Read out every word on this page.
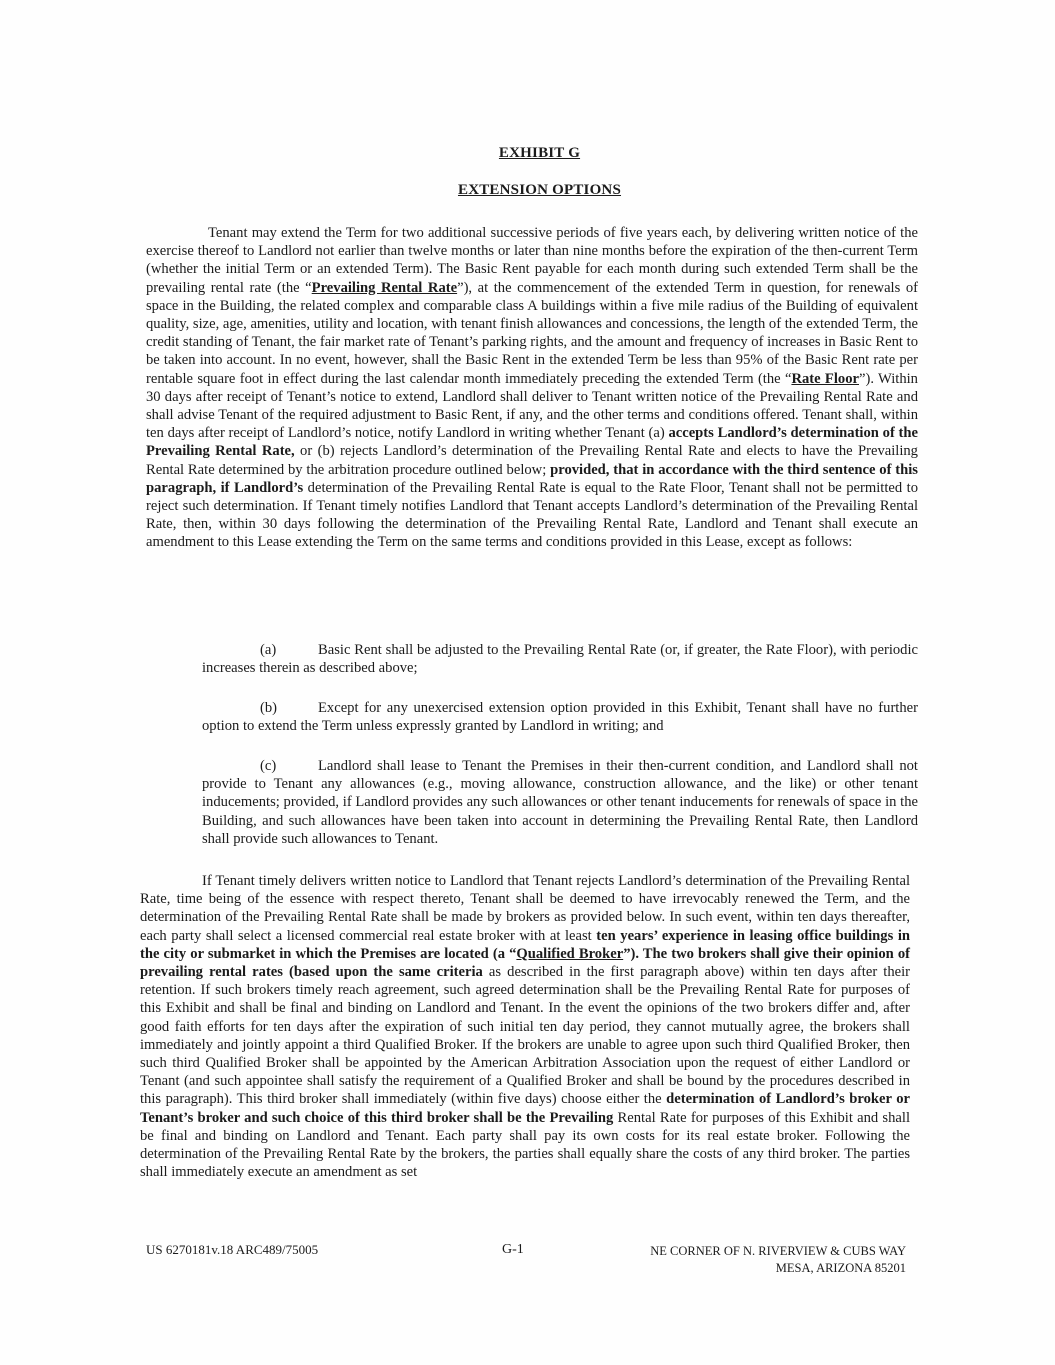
EXHIBIT G
EXTENSION OPTIONS
Tenant may extend the Term for two additional successive periods of five years each, by delivering written notice of the exercise thereof to Landlord not earlier than twelve months or later than nine months before the expiration of the then-current Term (whether the initial Term or an extended Term). The Basic Rent payable for each month during such extended Term shall be the prevailing rental rate (the “Prevailing Rental Rate”), at the commencement of the extended Term in question, for renewals of space in the Building, the related complex and comparable class A buildings within a five mile radius of the Building of equivalent quality, size, age, amenities, utility and location, with tenant finish allowances and concessions, the length of the extended Term, the credit standing of Tenant, the fair market rate of Tenant’s parking rights, and the amount and frequency of increases in Basic Rent to be taken into account. In no event, however, shall the Basic Rent in the extended Term be less than 95% of the Basic Rent rate per rentable square foot in effect during the last calendar month immediately preceding the extended Term (the “Rate Floor”). Within 30 days after receipt of Tenant’s notice to extend, Landlord shall deliver to Tenant written notice of the Prevailing Rental Rate and shall advise Tenant of the required adjustment to Basic Rent, if any, and the other terms and conditions offered. Tenant shall, within ten days after receipt of Landlord’s notice, notify Landlord in writing whether Tenant (a) accepts Landlord’s determination of the Prevailing Rental Rate, or (b) rejects Landlord’s determination of the Prevailing Rental Rate and elects to have the Prevailing Rental Rate determined by the arbitration procedure outlined below; provided, that in accordance with the third sentence of this paragraph, if Landlord’s determination of the Prevailing Rental Rate is equal to the Rate Floor, Tenant shall not be permitted to reject such determination. If Tenant timely notifies Landlord that Tenant accepts Landlord’s determination of the Prevailing Rental Rate, then, within 30 days following the determination of the Prevailing Rental Rate, Landlord and Tenant shall execute an amendment to this Lease extending the Term on the same terms and conditions provided in this Lease, except as follows:
(a)	Basic Rent shall be adjusted to the Prevailing Rental Rate (or, if greater, the Rate Floor), with periodic increases therein as described above;
(b)	Except for any unexercised extension option provided in this Exhibit, Tenant shall have no further option to extend the Term unless expressly granted by Landlord in writing; and
(c)	Landlord shall lease to Tenant the Premises in their then-current condition, and Landlord shall not provide to Tenant any allowances (e.g., moving allowance, construction allowance, and the like) or other tenant inducements; provided, if Landlord provides any such allowances or other tenant inducements for renewals of space in the Building, and such allowances have been taken into account in determining the Prevailing Rental Rate, then Landlord shall provide such allowances to Tenant.
If Tenant timely delivers written notice to Landlord that Tenant rejects Landlord’s determination of the Prevailing Rental Rate, time being of the essence with respect thereto, Tenant shall be deemed to have irrevocably renewed the Term, and the determination of the Prevailing Rental Rate shall be made by brokers as provided below. In such event, within ten days thereafter, each party shall select a licensed commercial real estate broker with at least ten years’ experience in leasing office buildings in the city or submarket in which the Premises are located (a “Qualified Broker”). The two brokers shall give their opinion of prevailing rental rates (based upon the same criteria as described in the first paragraph above) within ten days after their retention. If such brokers timely reach agreement, such agreed determination shall be the Prevailing Rental Rate for purposes of this Exhibit and shall be final and binding on Landlord and Tenant. In the event the opinions of the two brokers differ and, after good faith efforts for ten days after the expiration of such initial ten day period, they cannot mutually agree, the brokers shall immediately and jointly appoint a third Qualified Broker. If the brokers are unable to agree upon such third Qualified Broker, then such third Qualified Broker shall be appointed by the American Arbitration Association upon the request of either Landlord or Tenant (and such appointee shall satisfy the requirement of a Qualified Broker and shall be bound by the procedures described in this paragraph). This third broker shall immediately (within five days) choose either the determination of Landlord’s broker or Tenant’s broker and such choice of this third broker shall be the Prevailing Rental Rate for purposes of this Exhibit and shall be final and binding on Landlord and Tenant. Each party shall pay its own costs for its real estate broker. Following the determination of the Prevailing Rental Rate by the brokers, the parties shall equally share the costs of any third broker. The parties shall immediately execute an amendment as set
US 6270181v.18 ARC489/75005	G-1	NE CORNER OF N. RIVERVIEW & CUBS WAY
MESA, ARIZONA 85201
